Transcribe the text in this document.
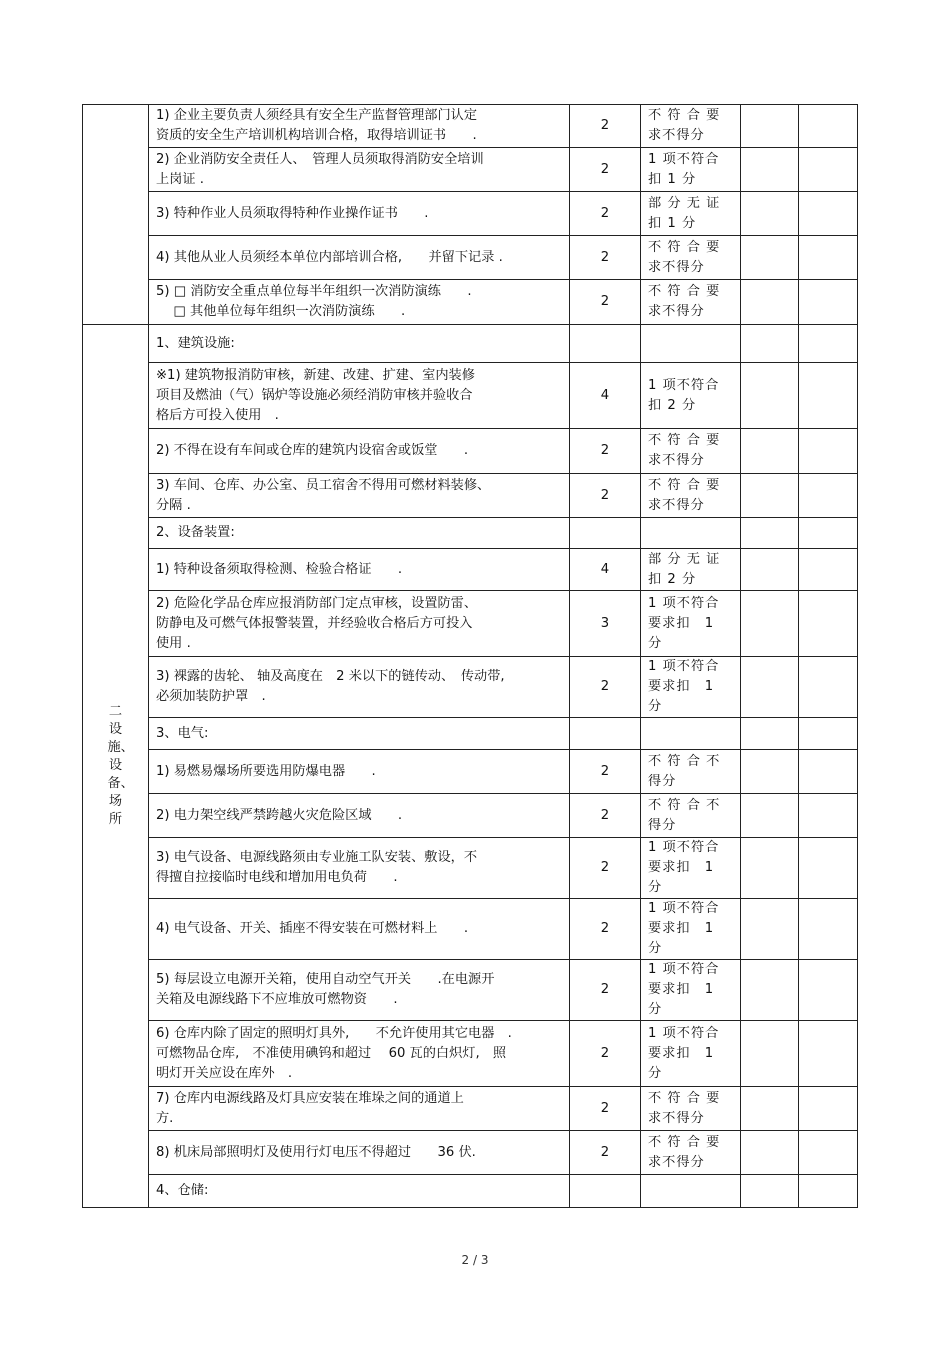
	1) 企业主要负责人须经具有安全生产监督管理部门认定
资质的安全生产培训机构培训合格，取得培训证书　　.	2	不 符 合 要
求不得分		
	2) 企业消防安全责任人、　管理人员须取得消防安全培训
上岗证 .	2	1 项不符合
扣 1 分		
	3) 特种作业人员须取得特种作业操作证书　　.	2	部 分 无 证
扣 1 分		
	4) 其他从业人员须经本单位内部培训合格,　　并留下记录 .	2	不 符 合 要
求不得分		
	5) □ 消防安全重点单位每半年组织一次消防演练　　.
　 □ 其他单位每年组织一次消防演练　　.	2	不 符 合 要
求不得分		
二设施、设备、场所	1、建筑设施:				
	※1) 建筑物报消防审核，新建、改建、扩建、室内装修
项目及燃油（气）锅炉等设施必须经消防审核并验收合
格后方可投入使用　.	4	1 项不符合
扣 2 分		
	2) 不得在设有车间或仓库的建筑内设宿舍或饭堂　　.	2	不 符 合 要
求不得分		
	3) 车间、仓库、办公室、员工宿舍不得用可燃材料装修、
分隔 .	2	不 符 合 要
求不得分		
	2、设备装置:				
	1) 特种设备须取得检测、检验合格证　　.	4	部 分 无 证
扣 2 分		
	2) 危险化学品仓库应报消防部门定点审核，设置防雷、
防静电及可燃气体报警装置，并经验收合格后方可投入
使用 .	3	1 项不符合
要求扣　1 分		
	3) 裸露的齿轮、 轴及高度在　2 米以下的链传动、　传动带,
必须加装防护罩　.	2	1 项不符合
要求扣　1 分		
	3、电气:				
	1) 易燃易爆场所要选用防爆电器　　.	2	不 符 合 不
得分		
	2) 电力架空线严禁跨越火灾危险区域　　.	2	不 符 合 不
得分		
	3) 电气设备、电源线路须由专业施工队安装、敷设，不
得擅自拉接临时电线和增加用电负荷　　.	2	1 项不符合
要求扣　1 分		
	4) 电气设备、开关、插座不得安装在可燃材料上　　.	2	1 项不符合
要求扣　1 分		
	5) 每层设立电源开关箱，使用自动空气开关　　.在电源开
关箱及电源线路下不应堆放可燃物资　　.	2	1 项不符合
要求扣　1 分		
	6) 仓库内除了固定的照明灯具外,　　不允许使用其它电器　.
可燃物品仓库,　不准使用碘钨和超过　 60 瓦的白炽灯,　照
明灯开关应设在库外　.	2	1 项不符合
要求扣　1 分		
	7) 仓库内电源线路及灯具应安装在堆垛之间的通道上
方.	2	不 符 合 要
求不得分		
	8) 机床局部照明灯及使用行灯电压不得超过　　36 伏.	2	不 符 合 要
求不得分		
	4、仓储:				
2 / 3
